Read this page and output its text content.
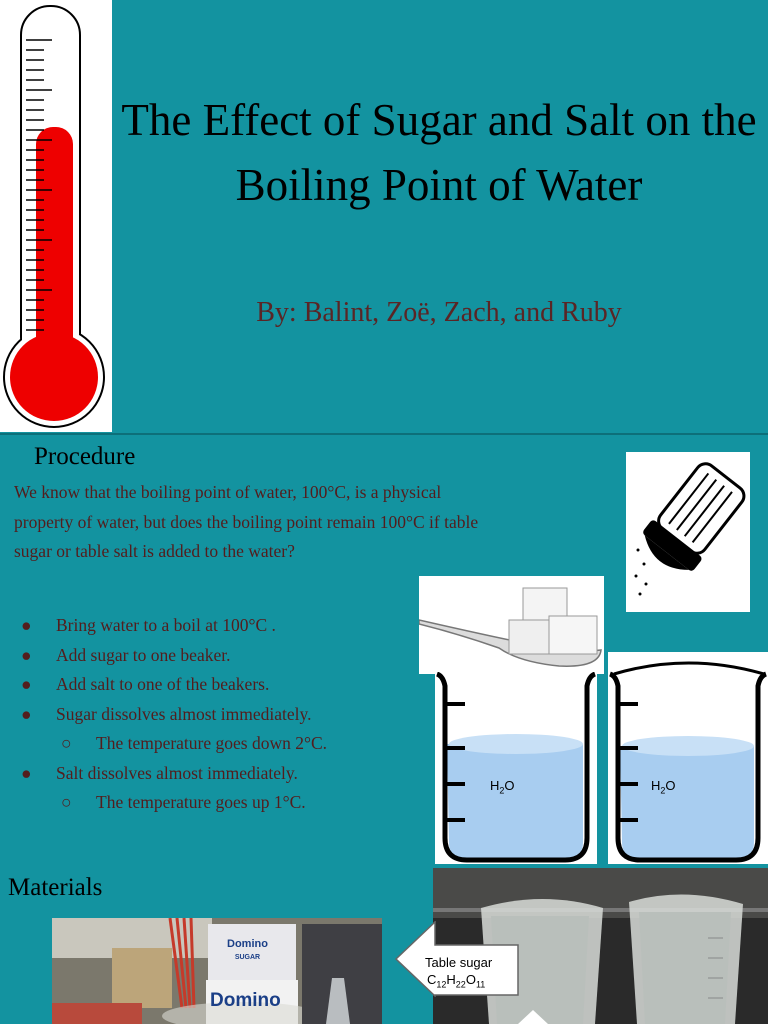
The Effect of Sugar and Salt on the Boiling Point of Water
By: Balint, Zoë, Zach, and Ruby
Procedure
We know that the boiling point of water, 100°C, is a physical property of water, but does the boiling point remain 100°C if table sugar or table salt is added to the water?
● Bring water to a boil at 100°C .
● Add sugar to one beaker.
● Add salt to one of the beakers.
● Sugar dissolves almost immediately.
○ The temperature goes down 2°C.
● Salt dissolves almost immediately.
○ The temperature goes up 1°C.
$H_2O$	$H_2O$
Materials
Domino
SUGAR
Domino
Table sugar
$C_{12}H_{22}O_{11}$
